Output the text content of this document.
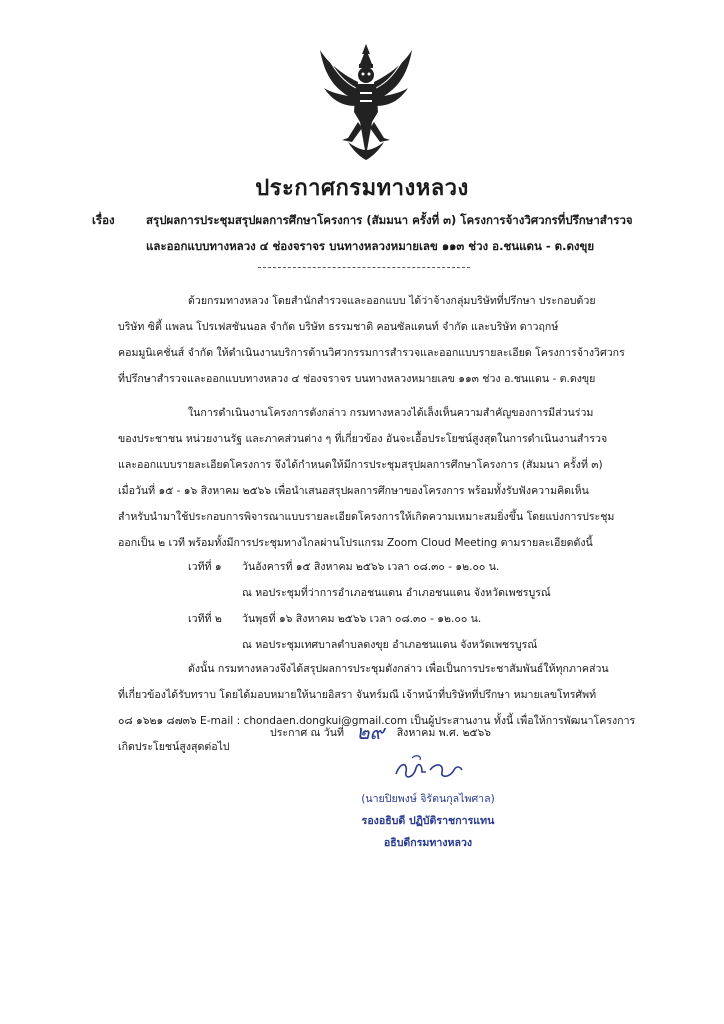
ประกาศกรมทางหลวง
เรื่อง	สรุปผลการประชุมสรุปผลการศึกษาโครงการ (สัมมนา ครั้งที่ ๓) โครงการจ้างวิศวกรที่ปรึกษาสำรวจ
และออกแบบทางหลวง ๔ ช่องจราจร บนทางหลวงหมายเลข ๑๑๓ ช่วง อ.ชนแดน - ต.ดงขุย
ด้วยกรมทางหลวง โดยสำนักสำรวจและออกแบบ ได้ว่าจ้างกลุ่มบริษัทที่ปรึกษา ประกอบด้วย
บริษัท ซิตี้ แพลน โปรเฟสชันนอล จำกัด บริษัท ธรรมชาติ คอนซัลแตนท์ จำกัด และบริษัท ดาวฤกษ์
คอมมูนิเคชั่นส์ จำกัด ให้ดำเนินงานบริการด้านวิศวกรรมการสำรวจและออกแบบรายละเอียด โครงการจ้างวิศวกร
ที่ปรึกษาสำรวจและออกแบบทางหลวง ๔ ช่องจราจร บนทางหลวงหมายเลข ๑๑๓ ช่วง อ.ชนแดน - ต.ดงขุย
ในการดำเนินงานโครงการดังกล่าว กรมทางหลวงได้เล็งเห็นความสำคัญของการมีส่วนร่วม
ของประชาชน หน่วยงานรัฐ และภาคส่วนต่าง ๆ ที่เกี่ยวข้อง อันจะเอื้อประโยชน์สูงสุดในการดำเนินงานสำรวจ
และออกแบบรายละเอียดโครงการ จึงได้กำหนดให้มีการประชุมสรุปผลการศึกษาโครงการ (สัมมนา ครั้งที่ ๓)
เมื่อวันที่ ๑๕ - ๑๖ สิงหาคม ๒๕๖๖ เพื่อนำเสนอสรุปผลการศึกษาของโครงการ พร้อมทั้งรับฟังความคิดเห็น
สำหรับนำมาใช้ประกอบการพิจารณาแบบรายละเอียดโครงการให้เกิดความเหมาะสมยิ่งขึ้น โดยแบ่งการประชุม
ออกเป็น ๒ เวที พร้อมทั้งมีการประชุมทางไกลผ่านโปรแกรม Zoom Cloud Meeting ตามรายละเอียดดังนี้
เวทีที่ ๑ วันอังคารที่ ๑๕ สิงหาคม ๒๕๖๖ เวลา ๐๘.๓๐ - ๑๒.๐๐ น.
ณ หอประชุมที่ว่าการอำเภอชนแดน อำเภอชนแดน จังหวัดเพชรบูรณ์
เวทีที่ ๒ วันพุธที่ ๑๖ สิงหาคม ๒๕๖๖ เวลา ๐๘.๓๐ - ๑๒.๐๐ น.
ณ หอประชุมเทศบาลตำบลดงขุย อำเภอชนแดน จังหวัดเพชรบูรณ์
ดังนั้น กรมทางหลวงจึงได้สรุปผลการประชุมดังกล่าว เพื่อเป็นการประชาสัมพันธ์ให้ทุกภาคส่วน
ที่เกี่ยวข้องได้รับทราบ โดยได้มอบหมายให้นายอิสรา จันทร์มณี เจ้าหน้าที่บริษัทที่ปรึกษา หมายเลขโทรศัพท์
๐๘ ๑๖๒๑ ๘๗๓๖ E-mail : chondaen.dongkui@gmail.com เป็นผู้ประสานงาน ทั้งนี้ เพื่อให้การพัฒนาโครงการ
เกิดประโยชน์สูงสุดต่อไป
ประกาศ ณ วันที่ ๒๙ สิงหาคม พ.ศ. ๒๕๖๖
(นายปิยพงษ์ จิรัตนกุลไพศาล)
รองอธิบดี ปฏิบัติราชการแทน
อธิบดีกรมทางหลวง
